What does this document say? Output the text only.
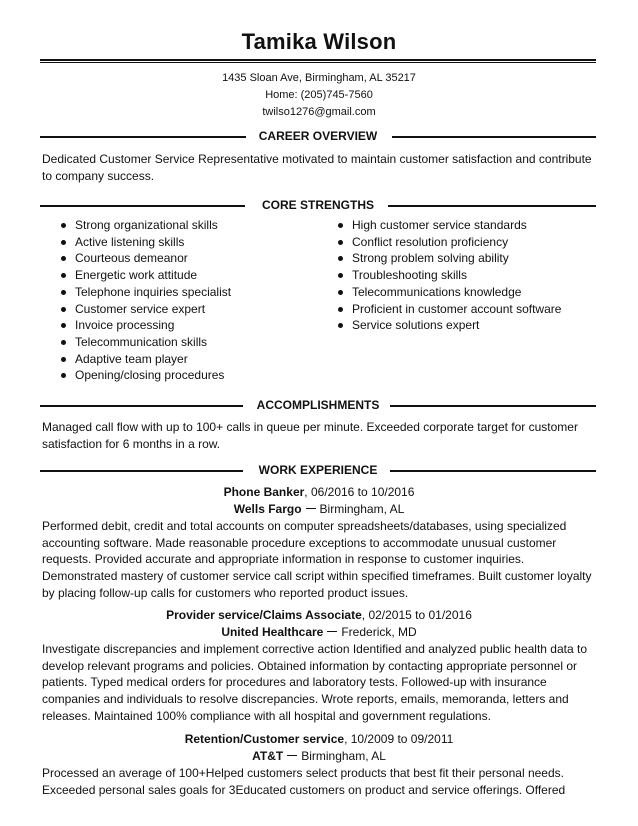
Tamika Wilson
1435 Sloan Ave, Birmingham, AL 35217
Home: (205)745-7560
twilso1276@gmail.com
CAREER OVERVIEW

Dedicated Customer Service Representative motivated to maintain customer satisfaction and contribute to company success.

CORE STRENGTHS
Strong organizational skills
Active listening skills
Courteous demeanor
Energetic work attitude
Telephone inquiries specialist
Customer service expert
Invoice processing
Telecommunication skills
Adaptive team player
Opening/closing procedures
High customer service standards
Conflict resolution proficiency
Strong problem solving ability
Troubleshooting skills
Telecommunications knowledge
Proficient in customer account software
Service solutions expert
ACCOMPLISHMENTS

Managed call flow with up to 100+ calls in queue per minute. Exceeded corporate target for customer satisfaction for 6 months in a row.

WORK EXPERIENCE
Phone Banker, 06/2016 to 10/2016
Wells Fargo Birmingham, AL

Performed debit, credit and total accounts on computer spreadsheets/databases, using specialized accounting software. Made reasonable procedure exceptions to accommodate unusual customer requests. Provided accurate and appropriate information in response to customer inquiries. Demonstrated mastery of customer service call script within specified timeframes. Built customer loyalty by placing follow-up calls for customers who reported product issues.

Provider service/Claims Associate, 02/2015 to 01/2016
United Healthcare Frederick, MD

Investigate discrepancies and implement corrective action Identified and analyzed public health data to develop relevant programs and policies. Obtained information by contacting appropriate personnel or patients. Typed medical orders for procedures and laboratory tests. Followed-up with insurance companies and individuals to resolve discrepancies. Wrote reports, emails, memoranda, letters and releases. Maintained 100% compliance with all hospital and government regulations.

Retention/Customer service, 10/2009 to 09/2011
AT&T Birmingham, AL

Processed an average of 100+Helped customers select products that best fit their personal needs. Exceeded personal sales goals for 3Educated customers on product and service offerings. Offered
